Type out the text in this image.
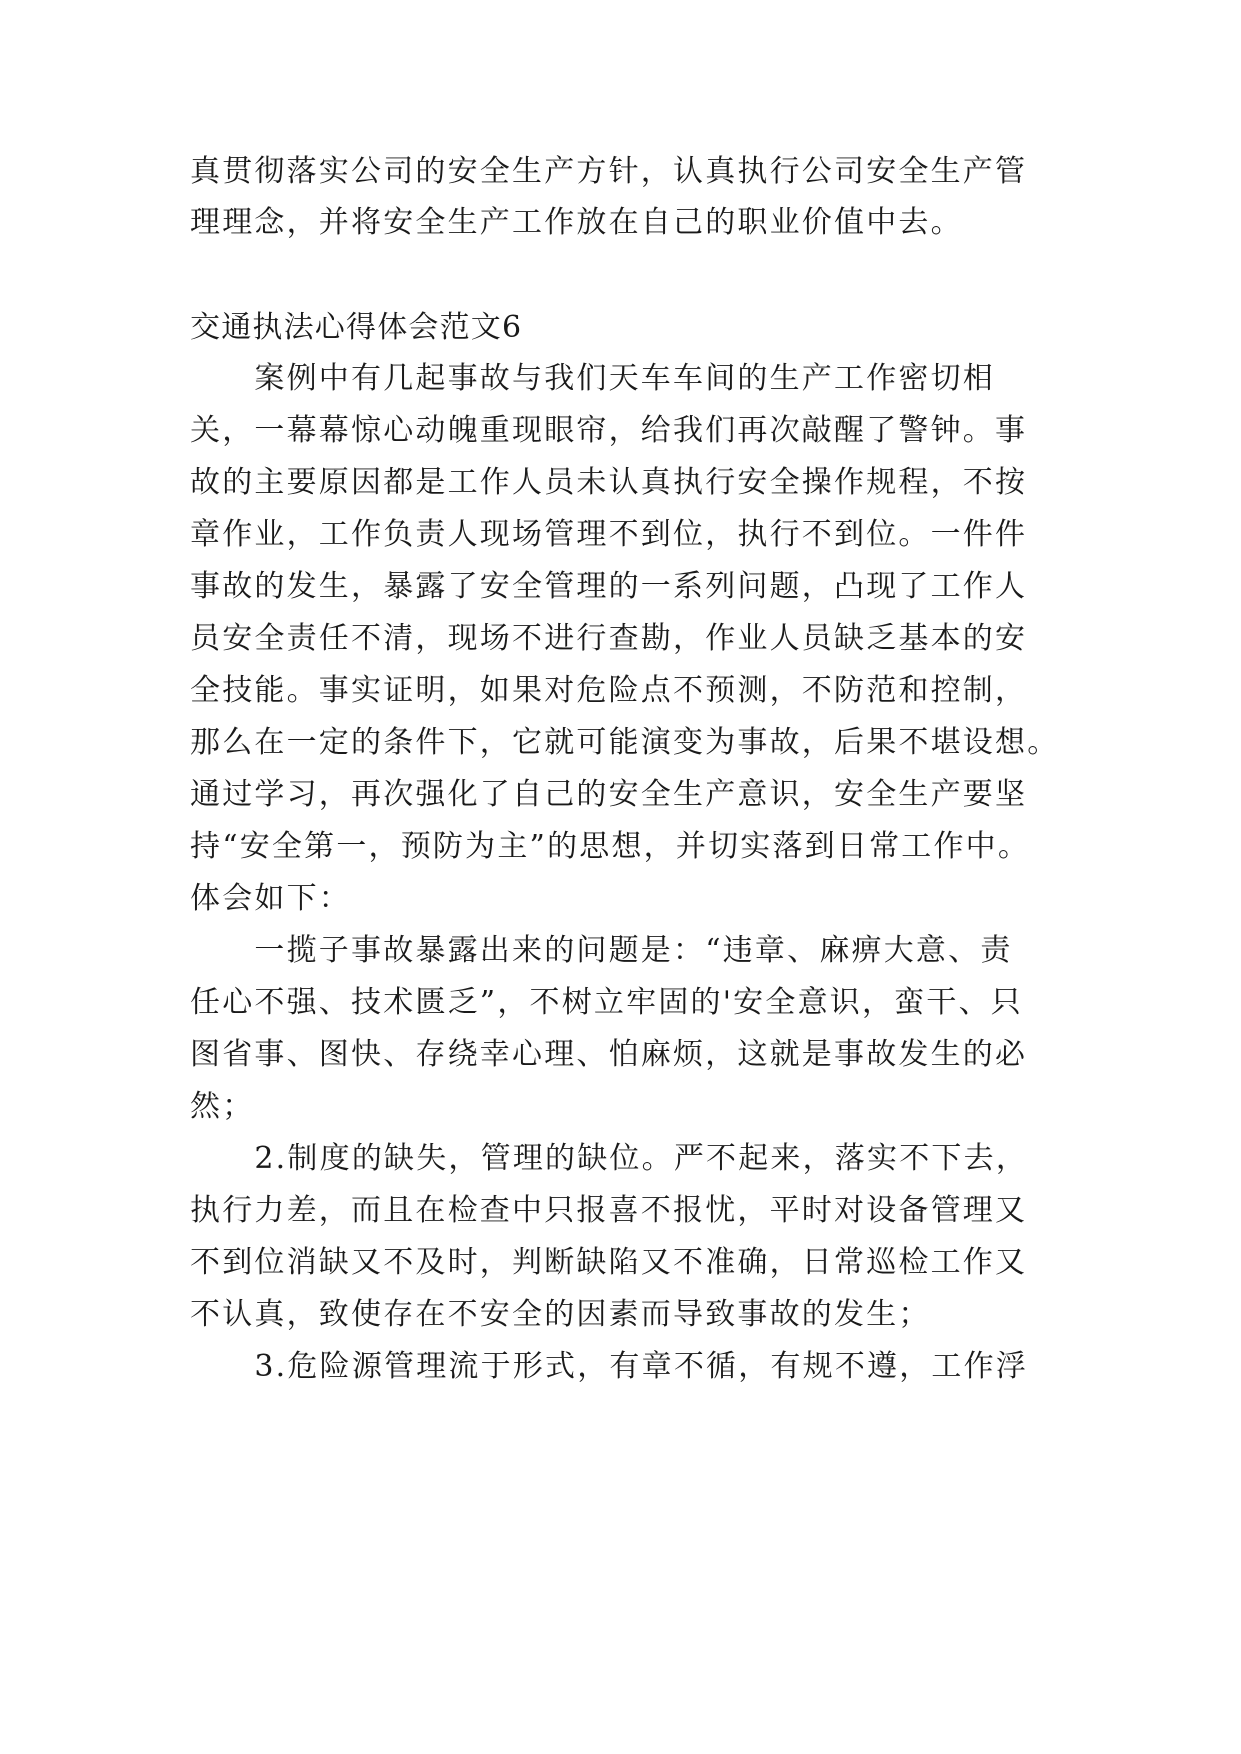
真贯彻落实公司的安全生产方针，认真执行公司安全生产管
理理念，并将安全生产工作放在自己的职业价值中去。
交通执法心得体会范文6
　　案例中有几起事故与我们天车车间的生产工作密切相
关，一幕幕惊心动魄重现眼帘，给我们再次敲醒了警钟。事
故的主要原因都是工作人员未认真执行安全操作规程，不按
章作业，工作负责人现场管理不到位，执行不到位。一件件
事故的发生，暴露了安全管理的一系列问题，凸现了工作人
员安全责任不清，现场不进行查勘，作业人员缺乏基本的安
全技能。事实证明，如果对危险点不预测，不防范和控制，
那么在一定的条件下，它就可能演变为事故，后果不堪设想。
通过学习，再次强化了自己的安全生产意识，安全生产要坚
持“安全第一，预防为主”的思想，并切实落到日常工作中。
体会如下：
　　一揽子事故暴露出来的问题是：“违章、麻痹大意、责
任心不强、技术匮乏”，不树立牢固的'安全意识，蛮干、只
图省事、图快、存绕幸心理、怕麻烦，这就是事故发生的必
然；
　　2.制度的缺失，管理的缺位。严不起来，落实不下去，
执行力差，而且在检查中只报喜不报忧，平时对设备管理又
不到位消缺又不及时，判断缺陷又不准确，日常巡检工作又
不认真，致使存在不安全的因素而导致事故的发生；
　　3.危险源管理流于形式，有章不循，有规不遵，工作浮
